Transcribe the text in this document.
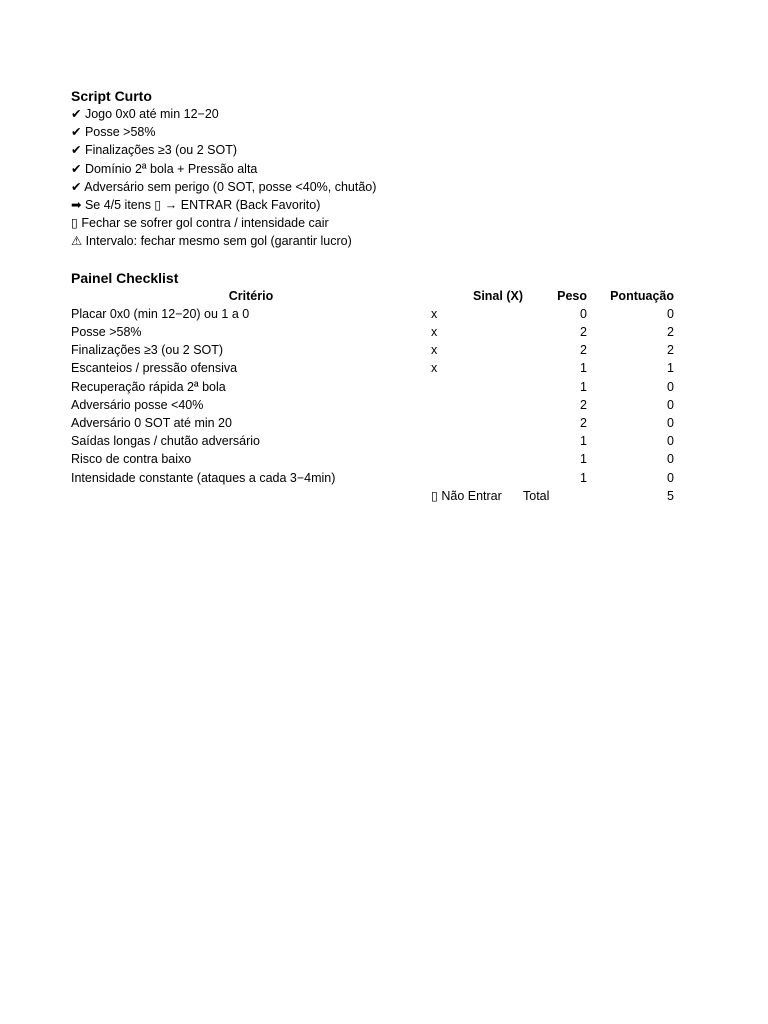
Script Curto
✔ Jogo 0x0 até min 12−20
✔ Posse >58%
✔ Finalizações ≥3 (ou 2 SOT)
✔ Domínio 2ª bola + Pressão alta
✔ Adversário sem perigo (0 SOT, posse <40%, chutão)
➡ Se 4/5 itens ▯ → ENTRAR (Back Favorito)
▯ Fechar se sofrer gol contra / intensidade cair
⚠ Intervalo: fechar mesmo sem gol (garantir lucro)
Painel Checklist
Critério	Sinal (X)	Peso	Pontuação
Placar 0x0 (min 12−20) ou 1 a 0	x	0	0
Posse >58%	x	2	2
Finalizações ≥3 (ou 2 SOT)	x	2	2
Escanteios / pressão ofensiva	x	1	1
Recuperação rápida 2ª bola		1	0
Adversário posse <40%		2	0
Adversário 0 SOT até min 20		2	0
Saídas longas / chutão adversário		1	0
Risco de contra baixo		1	0
Intensidade constante (ataques a cada 3−4min)		1	0
	▯ Não Entrar	Total	5
